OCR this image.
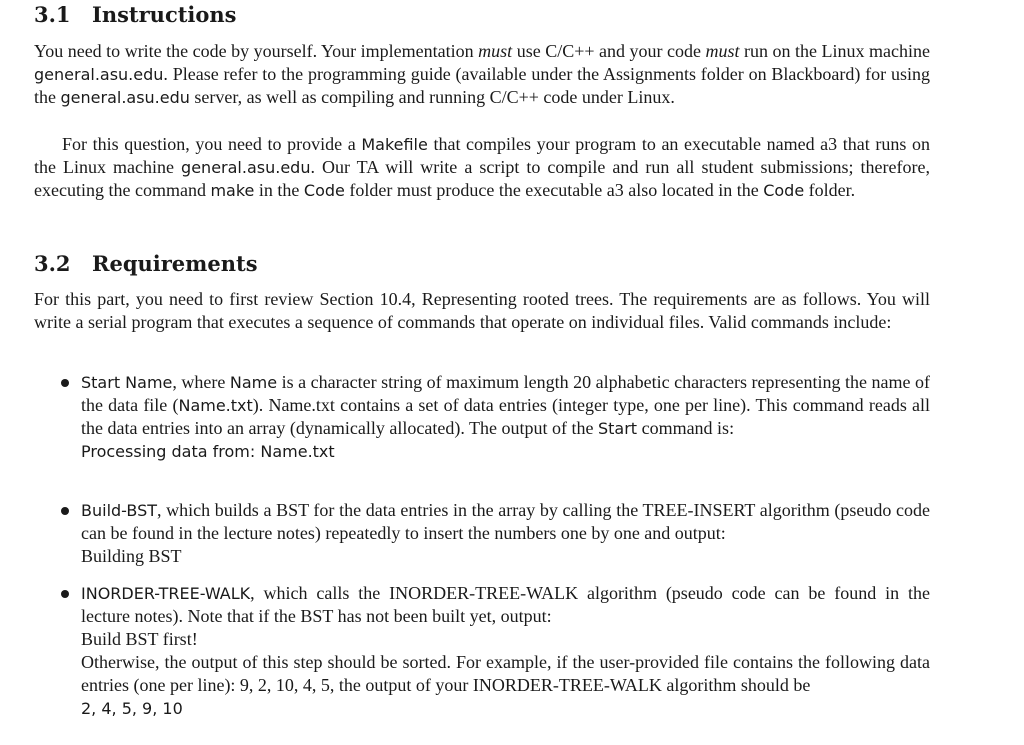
3.1 Instructions

You need to write the code by yourself. Your implementation must use C/C++ and your code must run on the Linux machine general.asu.edu. Please refer to the programming guide (available under the Assignments folder on Blackboard) for using the general.asu.edu server, as well as compiling and running C/C++ code under Linux.

For this question, you need to provide a Makefile that compiles your program to an executable named a3 that runs on the Linux machine general.asu.edu. Our TA will write a script to compile and run all student submissions; therefore, executing the command make in the Code folder must produce the executable a3 also located in the Code folder.

3.2 Requirements

For this part, you need to first review Section 10.4, Representing rooted trees. The requirements are as follows. You will write a serial program that executes a sequence of commands that operate on individual files. Valid commands include:

Start Name, where Name is a character string of maximum length 20 alphabetic characters representing the name of the data file (Name.txt). Name.txt contains a set of data entries (integer type, one per line). This command reads all the data entries into an array (dynamically allocated). The output of the Start command is:
Processing data from: Name.txt

Build-BST, which builds a BST for the data entries in the array by calling the TREE-INSERT algorithm (pseudo code can be found in the lecture notes) repeatedly to insert the numbers one by one and output:
Building BST

INORDER-TREE-WALK, which calls the INORDER-TREE-WALK algorithm (pseudo code can be found in the lecture notes). Note that if the BST has not been built yet, output:
Build BST first!
Otherwise, the output of this step should be sorted. For example, if the user-provided file contains the following data entries (one per line): 9, 2, 10, 4, 5, the output of your INORDER-TREE-WALK algorithm should be
2, 4, 5, 9, 10
